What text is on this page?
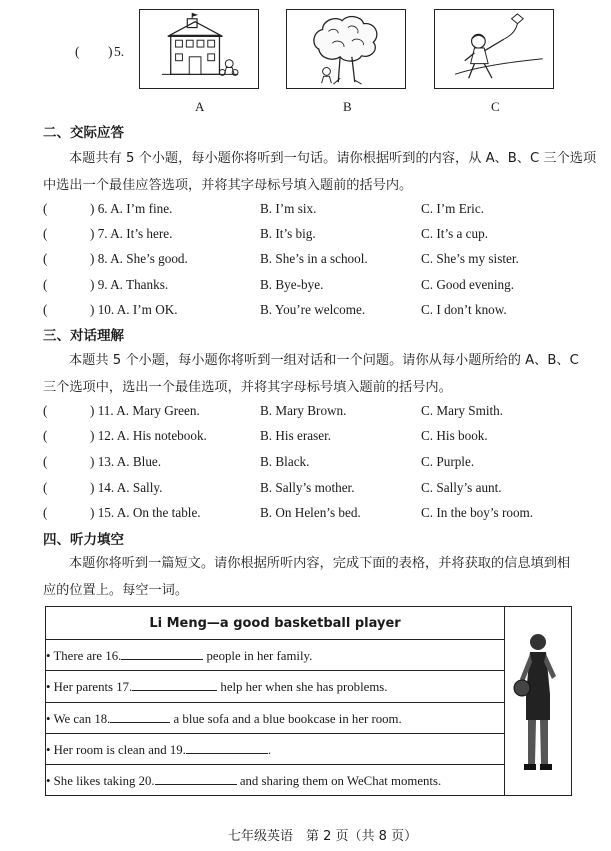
( ) 5.
A	B	C
二、交际应答
本题共有 5 个小题，每小题你将听到一句话。请你根据听到的内容，从 A、B、C 三个选项
中选出一个最佳应答选项，并将其字母标号填入题前的括号内。
(	) 6. A. I’m fine.	B. I’m six.	C. I’m Eric.
(	) 7. A. It’s here.	B. It’s big.	C. It’s a cup.
(	) 8. A. She’s good.	B. She’s in a school.	C. She’s my sister.
(	) 9. A. Thanks.	B. Bye-bye.	C. Good evening.
(	) 10. A. I’m OK.	B. You’re welcome.	C. I don’t know.
三、对话理解
本题共 5 个小题，每小题你将听到一组对话和一个问题。请你从每小题所给的 A、B、C
三个选项中，选出一个最佳选项，并将其字母标号填入题前的括号内。
(	) 11. A. Mary Green.	B. Mary Brown.	C. Mary Smith.
(	) 12. A. His notebook.	B. His eraser.	C. His book.
(	) 13. A. Blue.	B. Black.	C. Purple.
(	) 14. A. Sally.	B. Sally’s mother.	C. Sally’s aunt.
(	) 15. A. On the table.	B. On Helen’s bed.	C. In the boy’s room.
四、听力填空
本题你将听到一篇短文。请你根据所听内容，完成下面的表格，并将获取的信息填到相
应的位置上。每空一词。
Li Meng—a good basketball player	
• There are 16.	people in her family.
• Her parents 17.	help her when she has problems.
• We can 18.	a blue sofa and a blue bookcase in her room.
• Her room is clean and 19.	.
• She likes taking 20.	and sharing them on WeChat moments.
七年级英语　第 2 页（共 8 页）
